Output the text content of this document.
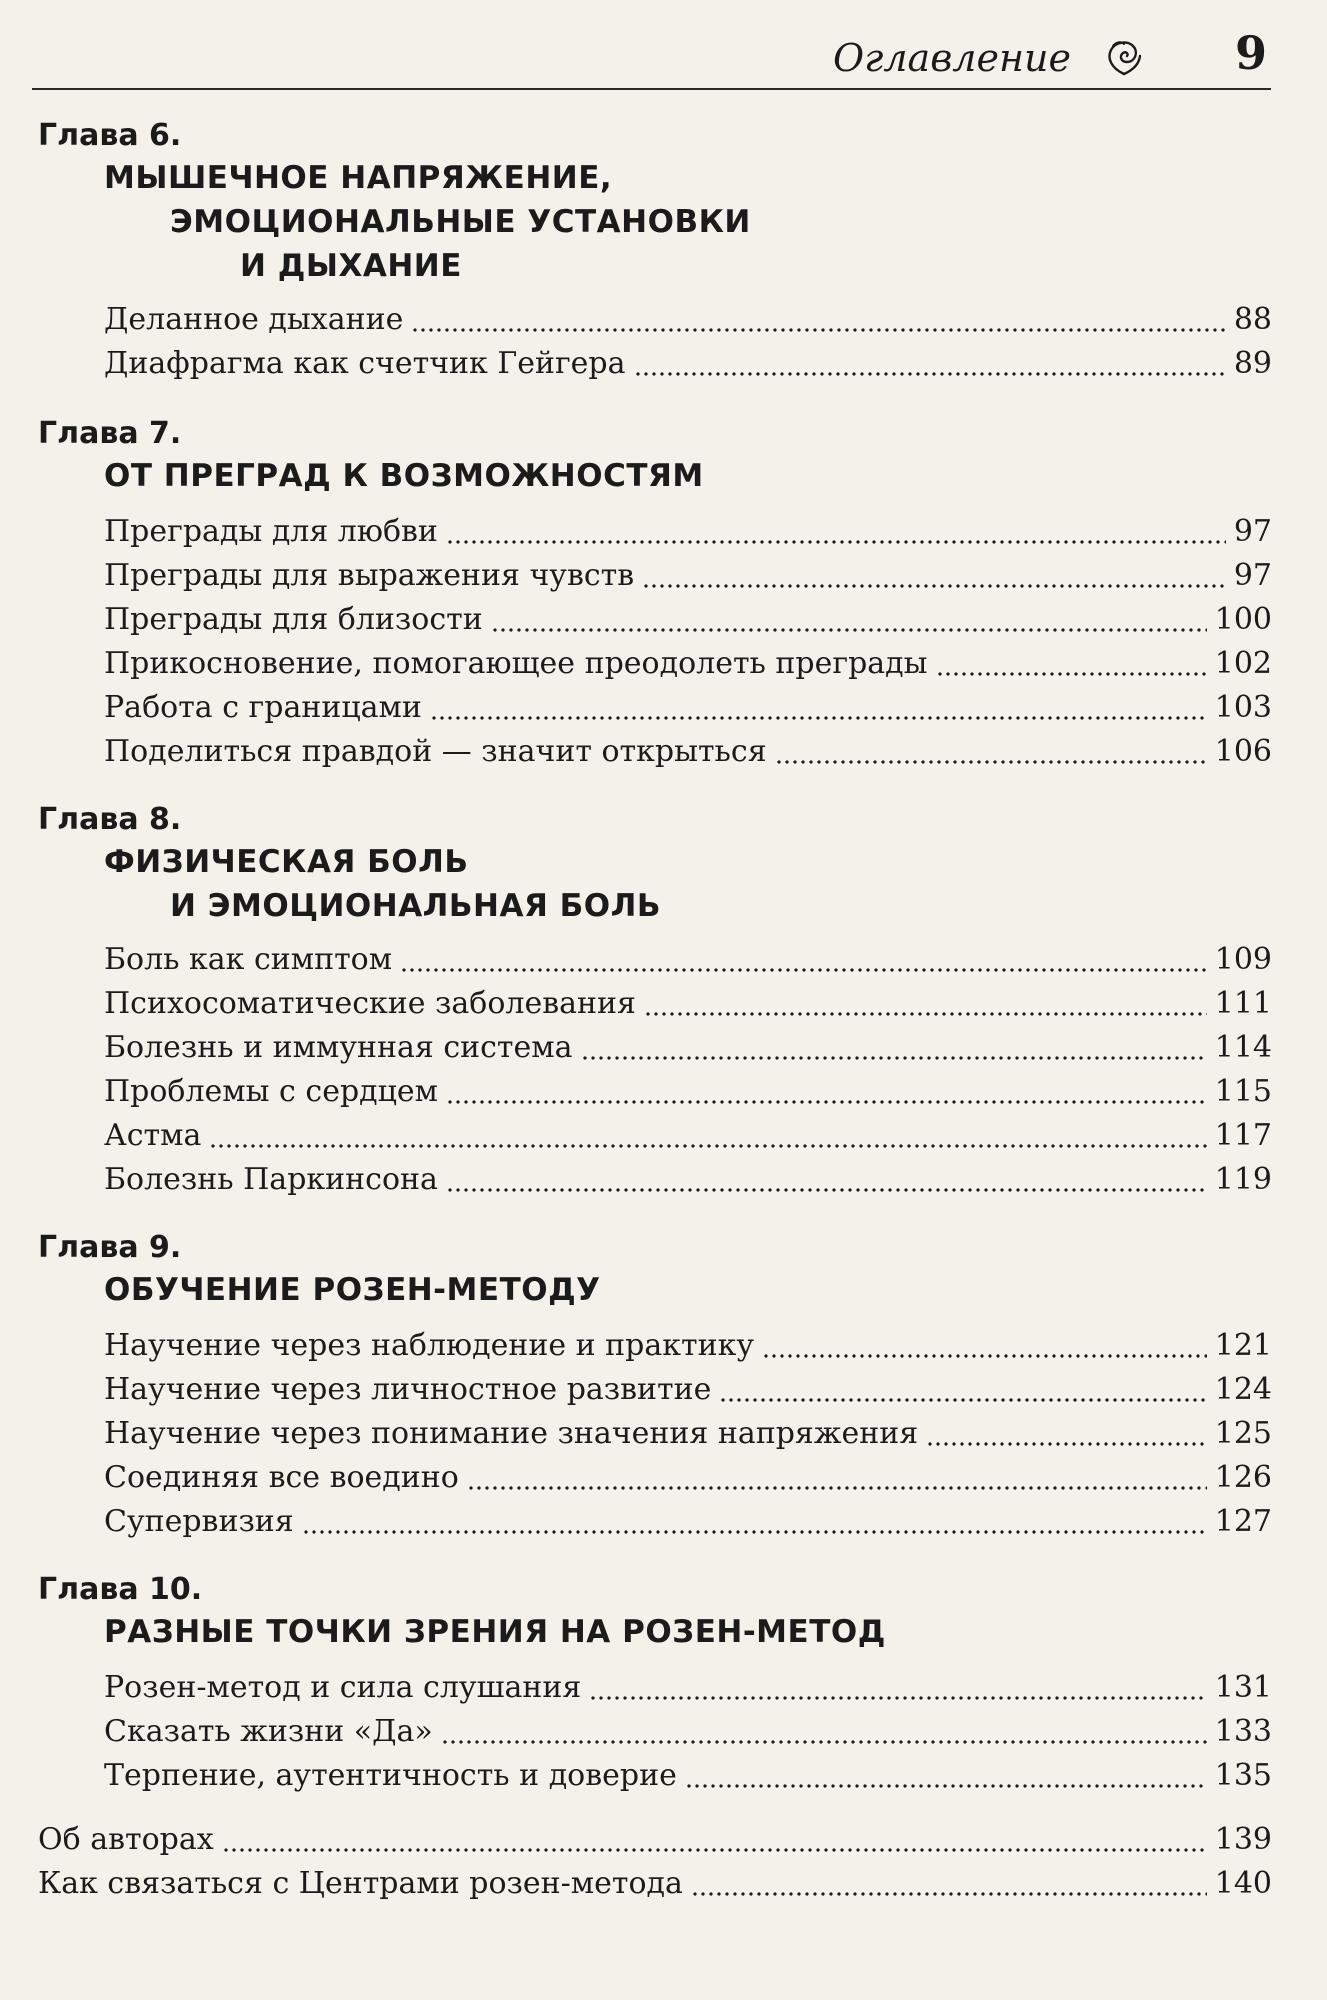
Оглавление	9
Глава 6.
МЫШЕЧНОЕ НАПРЯЖЕНИЕ,
ЭМОЦИОНАЛЬНЫЕ УСТАНОВКИ
И ДЫХАНИЕ
Деланное дыхание	88
Диафрагма как счетчик Гейгера	89
Глава 7.
ОТ ПРЕГРАД К ВОЗМОЖНОСТЯМ
Преграды для любви	97
Преграды для выражения чувств	97
Преграды для близости	100
Прикосновение, помогающее преодолеть преграды	102
Работа с границами	103
Поделиться правдой — значит открыться	106
Глава 8.
ФИЗИЧЕСКАЯ БОЛЬ
И ЭМОЦИОНАЛЬНАЯ БОЛЬ
Боль как симптом	109
Психосоматические заболевания	111
Болезнь и иммунная система	114
Проблемы с сердцем	115
Астма	117
Болезнь Паркинсона	119
Глава 9.
ОБУЧЕНИЕ РОЗЕН-МЕТОДУ
Научение через наблюдение и практику	121
Научение через личностное развитие	124
Научение через понимание значения напряжения	125
Соединяя все воедино	126
Супервизия	127
Глава 10.
РАЗНЫЕ ТОЧКИ ЗРЕНИЯ НА РОЗЕН-МЕТОД
Розен-метод и сила слушания	131
Сказать жизни «Да»	133
Терпение, аутентичность и доверие	135
Об авторах	139
Как связаться с Центрами розен-метода	140
